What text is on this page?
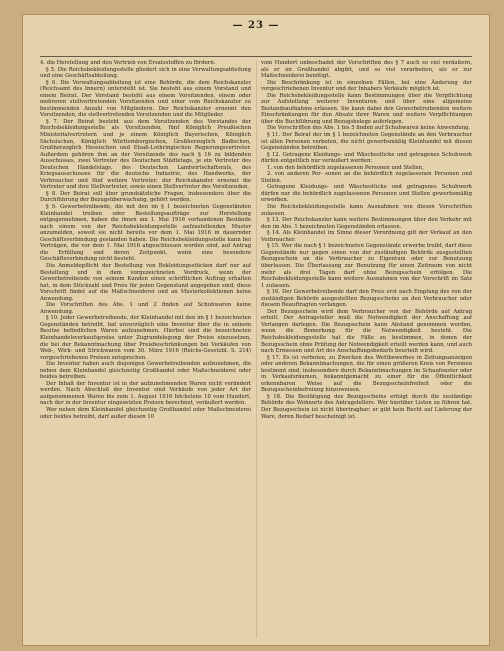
— 23 —

4. die Herstellung und den Vertrieb von Ersatzstoffen zu fördern.

§ 5. Die Reichsbekleidungsstelle gliedert sich in eine Verwaltungsabteilung und eine Geschäftsabteilung.

§ 6. Die Verwaltungsabteilung ist eine Behörde, die dem Reichskanzler (Reichsamt des Innern) unterstellt ist. Sie besteht aus einem Vorstand und einem Beirat. Der Vorstand besteht aus einem Vorsitzenden, einem oder mehreren stellvertretenden Vorsitzenden und einer vom Reichskanzler zu bestimmenden Anzahl von Mitgliedern. Der Reichskanzler ernennt den Vorsitzenden, die stellvertretenden Vorsitzenden und die Mitglieder.

§ 7. Der Beirat besteht aus dem Vorsitzenden des Vorstandes der Reichsbekleidungsstelle als Vorsitzenden, fünf Königlich Preußischen Ministerialvertretern und je einem Königlich Bayerischen, Königlich Sächsischen, Königlich Württembergischen, Großherzoglich Badischen, Großherzoglich Hessischen und Elsaß-Lothringischen Regierungsvertreter. Außerdem gehören ihm an der Vorsitzende des nach § 16 zu bildenden Ausschusses, zwei Vertreter des Deutschen Städtetags, je ein Vertreter des Deutschen Handelstags, des Deutschen Landwirtschaftsrats, des Kriegsausschusses für die deutsche Industrie, des Handwerks, der Verbraucher und fünf weitere Vertreter; der Reichskanzler ernennt die Vertreter und ihre Stellvertreter, sowie einen Stellvertreter des Vorsitzenden.

§ 8. Der Beirat soll über grundsätzliche Fragen, insbesondere über die Durchführung der Bezugsüberwachung, gehört werden.

§ 9. Gewerbetreibende, die mit den im § 1 bezeichneten Gegenständen Kleinhandel treiben oder Bestellungsaufträge zur Herstellung entgegennehmen, haben die ihnen am 1. Mai 1916 vorhandenen Bestände nach einem von der Reichsbekleidungsstelle aufzustellenden Muster anzumelden, soweit sie nicht bereits vor dem 1. Mai 1916 in dauernder Geschäftsverbindung gestanden haben. Die Reichsbekleidungsstelle kann bei Verträgen, die vor dem 1. Mai 1916 abgeschlossen worden sind, auf Antrag die Erfüllung und deren Zeitpunkt, wenn eine besondere Geschäftsverbindung nicht besteht.

Die Anmeldepflicht der Bestellung von Bekleidungsstücken darf nur auf Bestellung und in dem vorgezeichneten Vordruck, wenn der Gewerbetreibende von seinem Kunden einen schriftlichen Auftrag erhalten hat, in dem Stückzahl und Preis für jeden Gegenstand angegeben sind; diese Vorschrift findet auf die Maßschneiderei und an Musterkollektionen keine Anwendung.

Die Vorschriften des Abs. 1 und 2 finden auf Schuhwaren keine Anwendung.

§ 10. Jeder Gewerbetreibende, der Kleinhandel mit den im § 1 bezeichneten Gegenständen betreibt, hat unverzüglich eine Inventur über die in seinem Besitze befindlichen Waren aufzunehmen. Hierbei sind die bezeichneten Kleinhandelsverkaufspreise unter Zugrundelegung der Preise einzusetzen, die bei der Bekanntmachung über Preisbeschränkungen bei Verkäufen von Web-, Wirk- und Strickwaren vom 30. März 1916 (Reichs-Gesetzbl. S. 214) vorgeschriebenen Preisen entsprechen.

Die Inventur haben auch diejenigen Gewerbetreibenden aufzunehmen, die neben dem Kleinhandel gleichzeitig Großhandel oder Maßschneiderei oder beides betreiben.

Der Inhalt der Inventur ist in der aufzunehmenden Waren nicht verändert werden. Nach Abschluß der Inventur sind Verkäufe von jeder Art der aufgenommenen Waren bis zum 1. August 1916 höchstens 10 vom Hundert, nach der in der Inventur eingesetzten Preisen berechnet, veräußert werden.

Wer neben dem Kleinhandel gleichzeitig Großhandel oder Maßschneiderei oder beides betreibt, darf außer diesen 10

vom Hundert unbeschadet der Vorschriften des § 7 auch so viel veräußern, als er im Großhandel abgibt, und so viel verarbeiten, als er zur Maßschneiderei benötigt.

Die Beschränkung ist in einzelnen Fällen, bei eine Änderung der vorgeschriebenen Inventur und der Inhabers Verkäufe möglich ist.

Die Reichsbekleidungsstelle kann Bestimmungen über die Verpflichtung zur Aufstellung weiterer Inventuren und über eine allgemeine Bestandsaufnahme erlassen. Sie kann dabei den Gewerbetreibenden weitere Einschränkungen für den Absatz ihrer Waren und weitere Verpflichtungen über die Buchführung und Bezugsbelege auferlegen.

Die Vorschriften des Abs. 1 bis 5 finden auf Schuhwaren keine Anwendung.

§ 11. Der Beirat der im § 1 bezeichneten Gegenstände an den Verbraucher ist allen Personen verboten, die nicht gewerbsmäßig Kleinhandel mit diesen Gegenständen betreiben.

§ 12. Getragene Kleidungs- und Wäschestücke und getragenes Schuhwerk dürfen entgeltlich nur veräußert werden:

1. von den behördlich zugelassenen Personen und Stellen,

2. von anderen Per- sonen an die behördlich zugelassenen Personen und Stellen.

Getragene Kleidungs- und Wäschestücke und getragenes Schuhwerk dürfen nur die behördlich zugelassenen Personen und Stellen gewerbsmäßig erwerben.

Die Reichsbekleidungsstelle kann Ausnahmen von diesen Vorschriften zulassen.

§ 13. Der Reichskanzler kann weitere Bestimmungen über den Verkehr mit den im Abs. 1 bezeichneten Gegenständen erlassen.

§ 14. Als Kleinhandel im Sinne dieser Verordnung gilt der Verkauf an den Verbraucher.

§ 15. Wer die nach § 1 bezeichneten Gegenstände erwerbe treibt, darf diese Gegenstände nur gegen einen von der zuständigen Behörde ausgestellten Bezugsschein an die Verbraucher zu Eigentum oder zur Benutzung überlassen. Die Überlassung zur Benutzung für einen Zeitraum von nicht mehr als drei Tagen darf ohne Bezugsschein erfolgen. Die Reichsbekleidungsstelle kann weitere Ausnahmen von der Vorschrift im Satz 1 zulassen.

§ 16. Der Gewerbetreibende darf den Preis erst nach Empfang des von der zuständigen Behörde ausgestellten Bezugsscheins an den Verbraucher oder diesem Beauftragten verlangen.

Der Bezugsschein wird dem Verbraucher von der Behörde auf Antrag erteilt. Der Antragsteller muß die Notwendigkeit der Anschaffung auf Verlangen darlegen. Die Bezugsschein kann Abstand genommen werden, wenn die Bemerkung für die Notwendigkeit besteht. Die Reichsbekleidungsstelle hat die Fälle zu bestimmen, in denen der Bezugsschein ohne Prüfung der Notwendigkeit erteilt werden kann, und auch nach Ermessen und Art des Anschaffungsbedarfs beurteilt wird.

§ 17. Es ist verboten, zu Zwecken des Wettbewerbes in Zeitungsanzeigen oder anderen Bekanntmachungen, die für einen größeren Kreis von Personen bestimmt sind, insbesondere durch Bekanntmachungen im Schaufenster oder in Verkaufsräumen, bekanntgemacht zu einer für die Öffentlichkeit erkennbaren Weise auf die Bezugsscheinfreiheit oder die Bezugsscheinbefreiung hinzuweisen.

§ 18. Die Bestätigung des Bezugsscheins erfolgt durch die zuständige Behörde des Wohnorts des Antragstellers. Wer hierüber Listen zu führen hat. Der Bezugsschein ist nicht übertragbar; er gibt kein Recht auf Lieferung der Ware, deren Bedarf bescheinigt ist.
